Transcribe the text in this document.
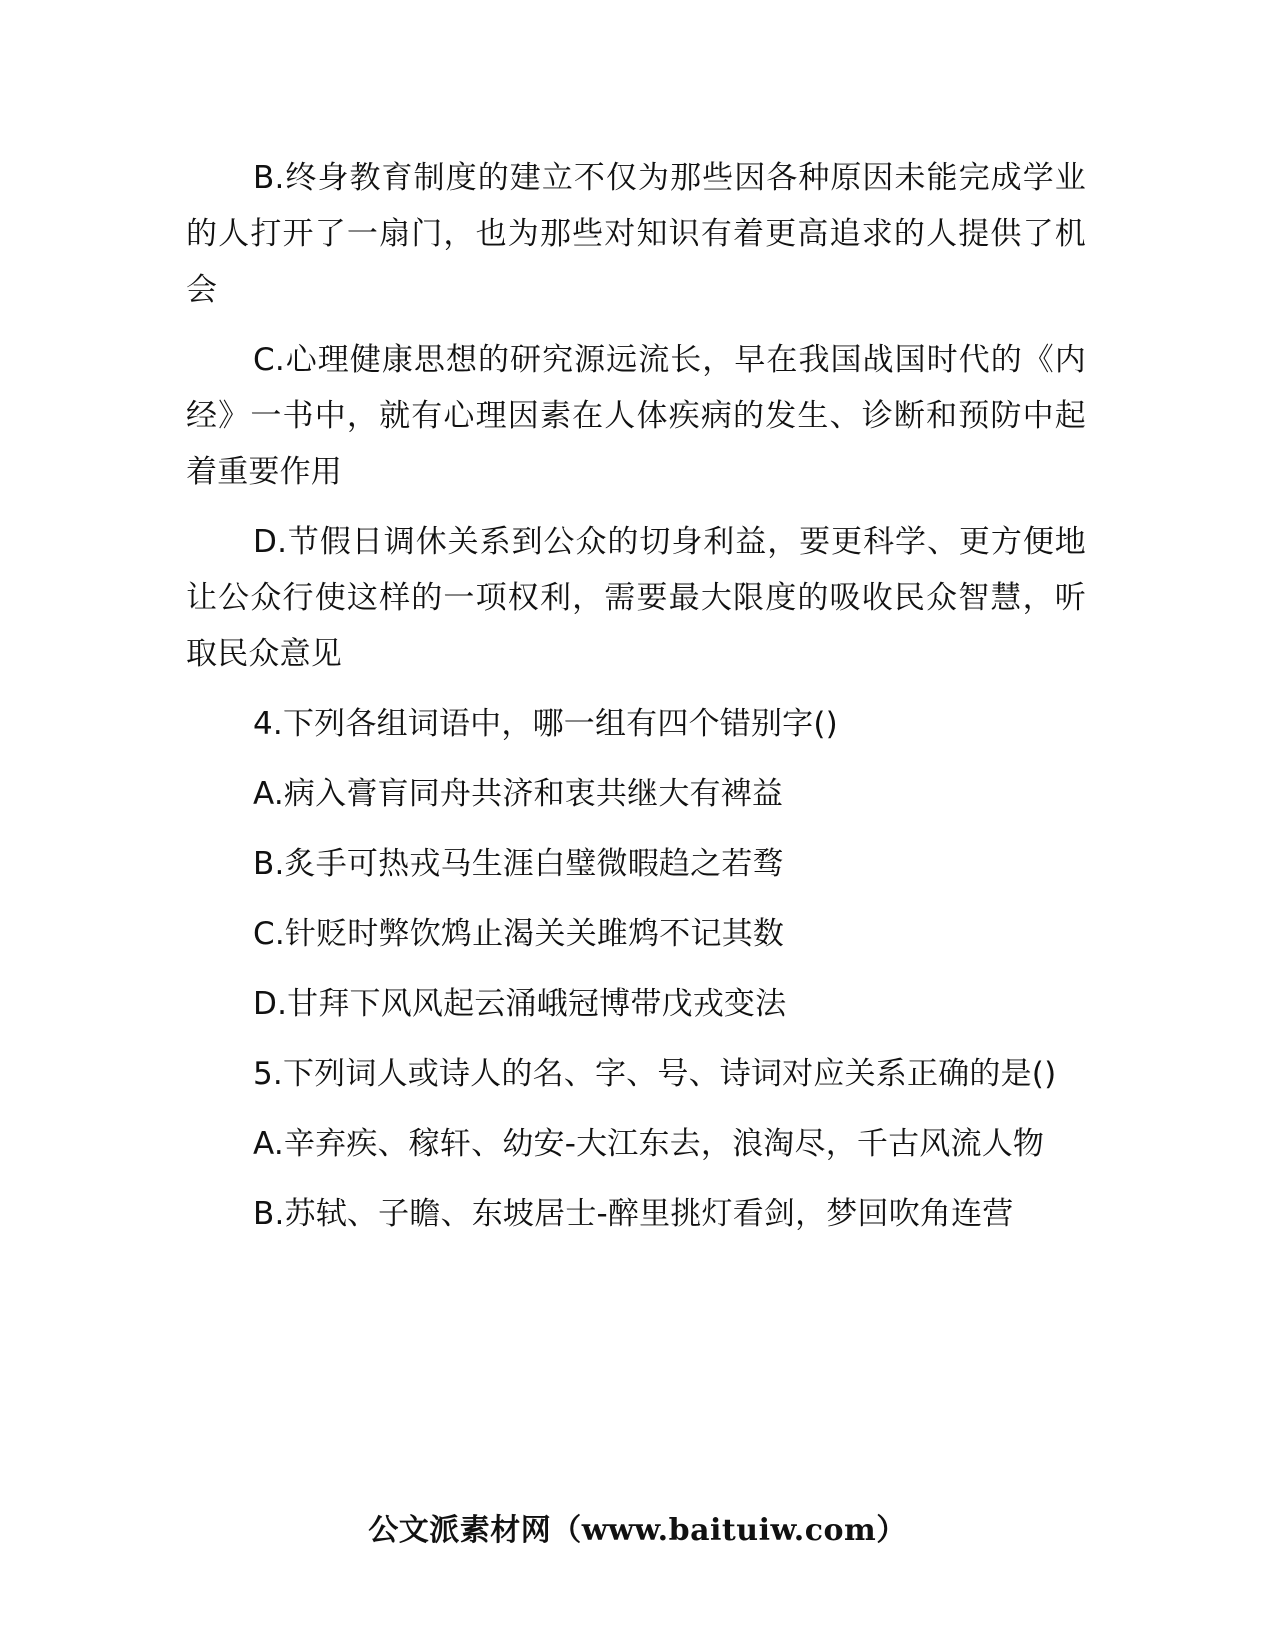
B.终身教育制度的建立不仅为那些因各种原因未能完成学业的人打开了一扇门，也为那些对知识有着更高追求的人提供了机会

C.心理健康思想的研究源远流长，早在我国战国时代的《内经》一书中，就有心理因素在人体疾病的发生、诊断和预防中起着重要作用

D.节假日调休关系到公众的切身利益，要更科学、更方便地让公众行使这样的一项权利，需要最大限度的吸收民众智慧，听取民众意见

4.下列各组词语中，哪一组有四个错别字()

A.病入膏肓同舟共济和衷共继大有裨益

B.炙手可热戎马生涯白璧微暇趋之若骛

C.针贬时弊饮鸩止渴关关雎鸩不记其数

D.甘拜下风风起云涌峨冠博带戊戎变法

5.下列词人或诗人的名、字、号、诗词对应关系正确的是()

A.辛弃疾、稼轩、幼安-大江东去，浪淘尽，千古风流人物

B.苏轼、子瞻、东坡居士-醉里挑灯看剑，梦回吹角连营

公文派素材网（www.baituiw.com）
